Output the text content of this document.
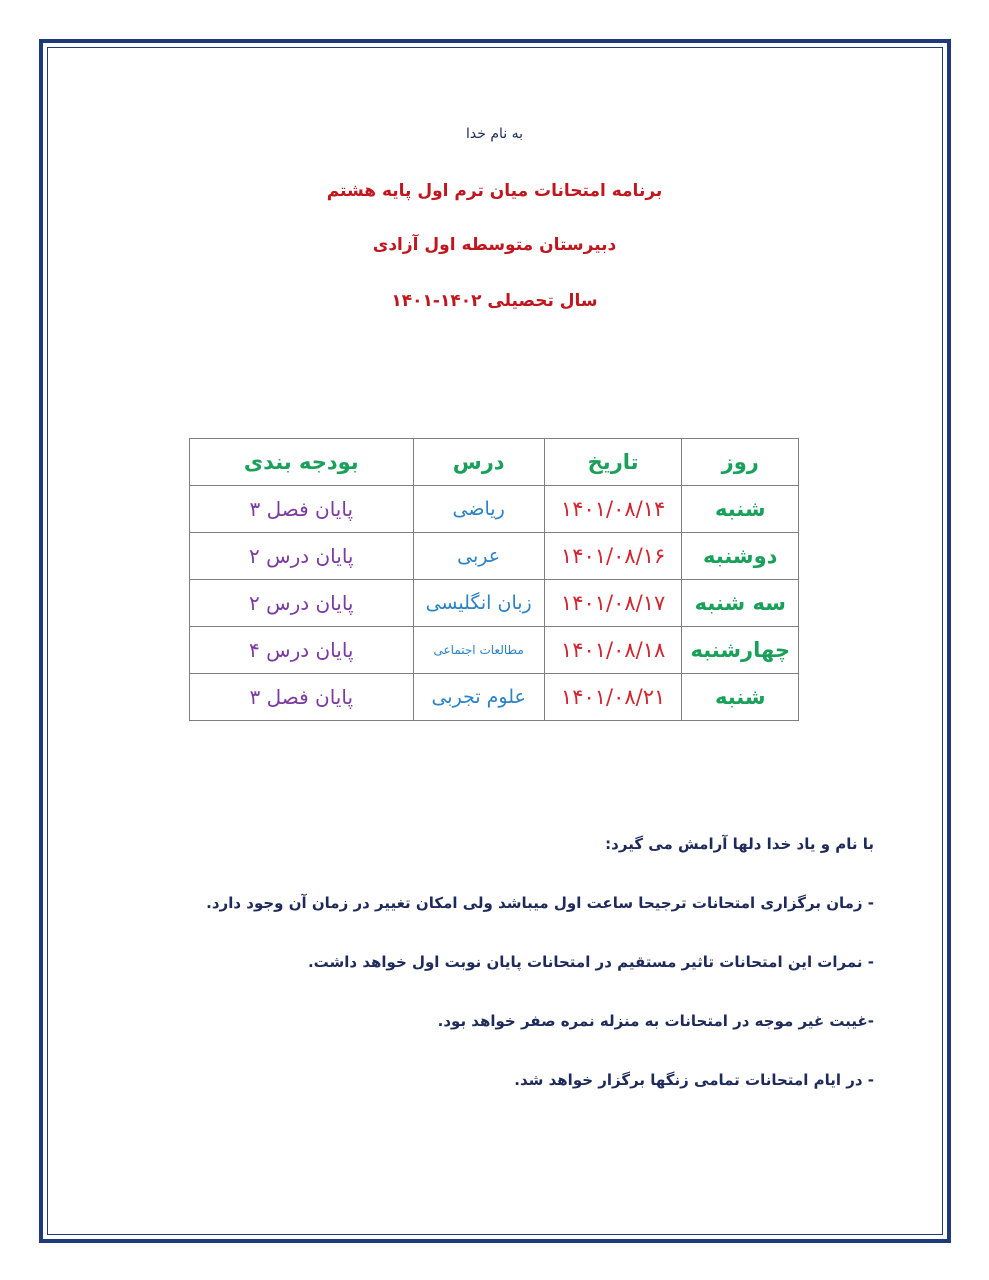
به نام خدا

برنامه امتحانات میان ترم اول پایه هشتم

دبیرستان متوسطه اول آزادی

سال تحصیلی ۱۴۰۲-۱۴۰۱

روز	تاریخ	درس	بودجه بندی
شنبه	۱۴۰۱/۰۸/۱۴	ریاضی	پایان فصل ۳
دوشنبه	۱۴۰۱/۰۸/۱۶	عربی	پایان درس ۲
سه شنبه	۱۴۰۱/۰۸/۱۷	زبان انگلیسی	پایان درس ۲
چهارشنبه	۱۴۰۱/۰۸/۱۸	مطالعات اجتماعی	پایان درس ۴
شنبه	۱۴۰۱/۰۸/۲۱	علوم تجربی	پایان فصل ۳

با نام و یاد خدا دلها آرامش می گیرد:

- زمان برگزاری امتحانات ترجیحا ساعت اول میباشد ولی امکان تغییر در زمان آن وجود دارد.

- نمرات این امتحانات تاثیر مستقیم در امتحانات پایان نوبت اول خواهد داشت.

-غیبت غیر موجه در امتحانات به منزله نمره صفر خواهد بود.

- در ایام امتحانات تمامی زنگها برگزار خواهد شد.
